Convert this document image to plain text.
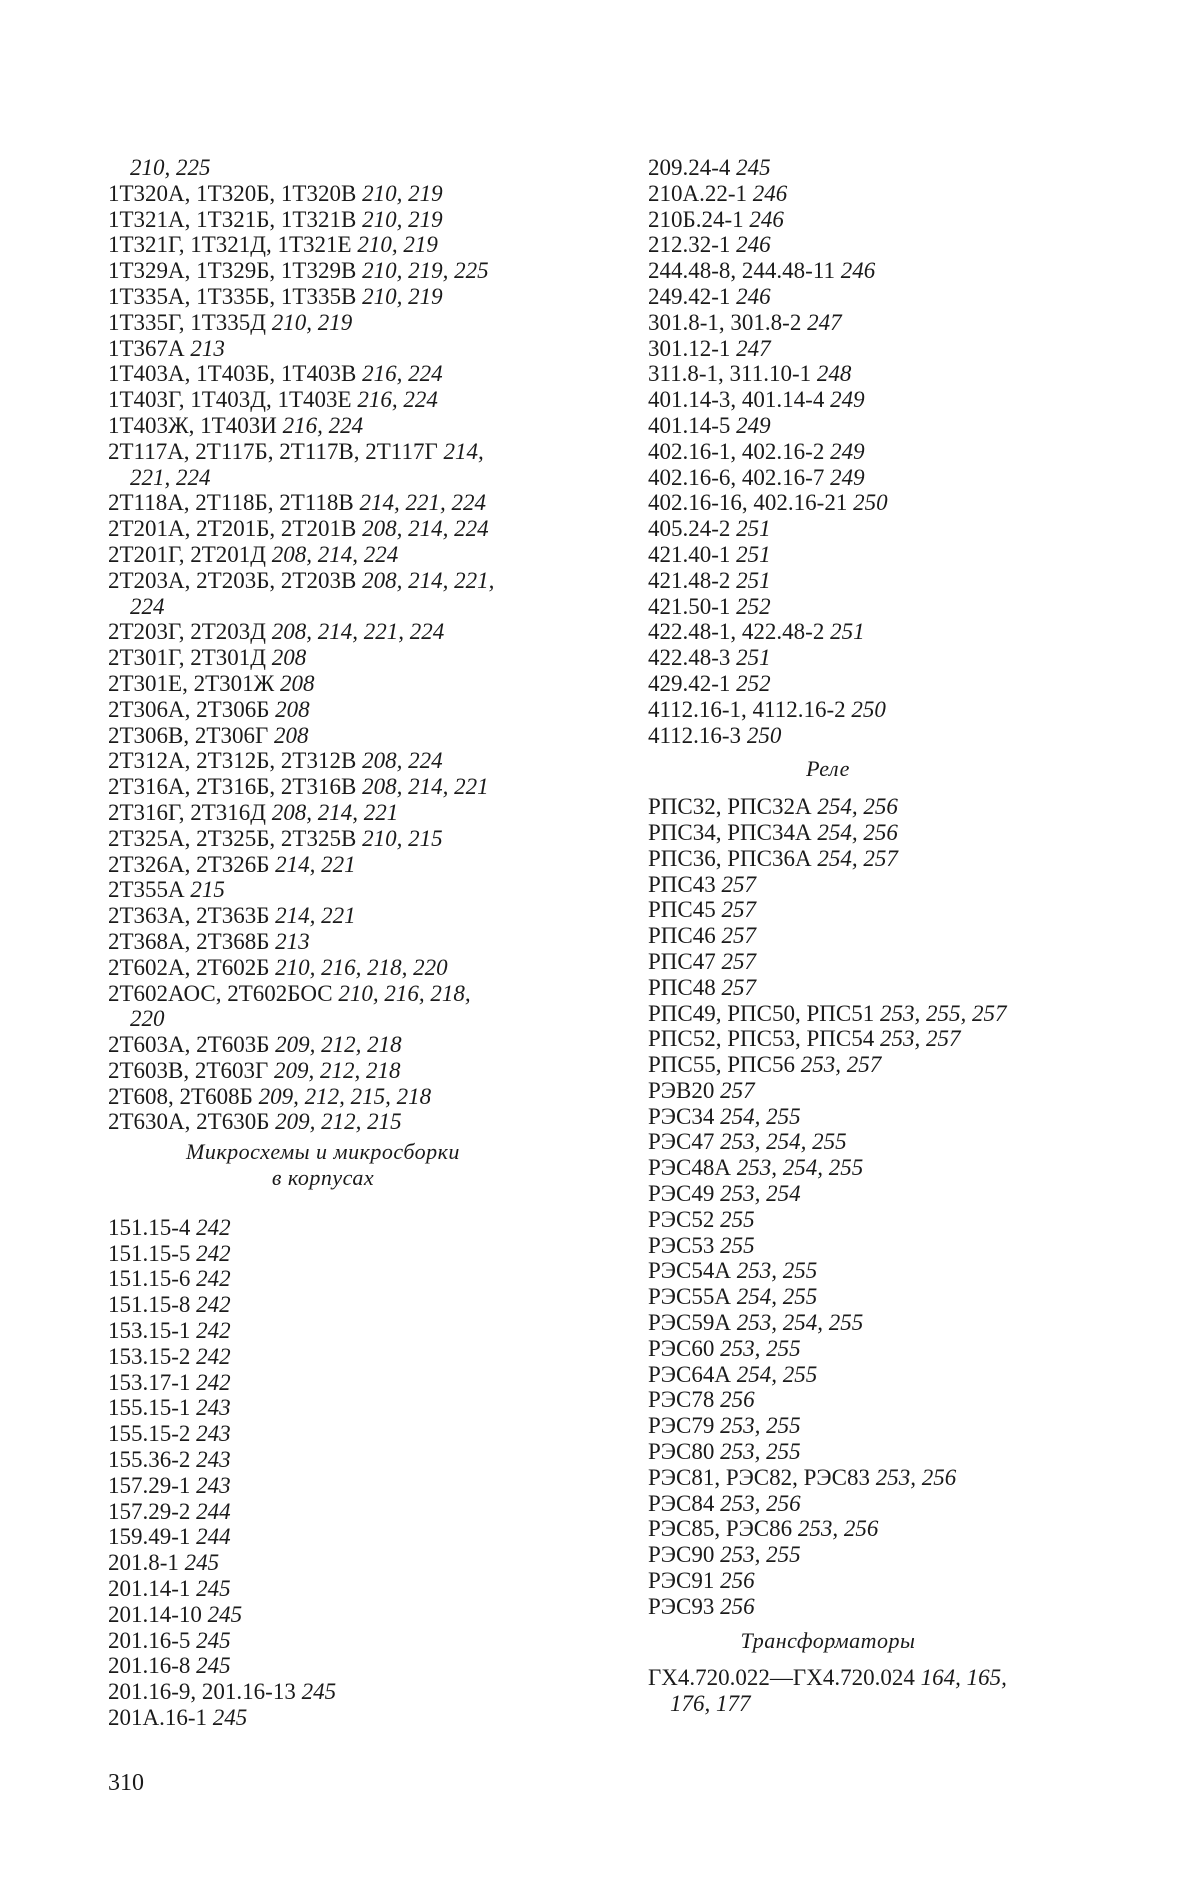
210, 225
1Т320А, 1Т320Б, 1Т320В 210, 219
1Т321А, 1Т321Б, 1Т321В 210, 219
1Т321Г, 1Т321Д, 1Т321Е 210, 219
1Т329А, 1Т329Б, 1Т329В 210, 219, 225
1Т335А, 1Т335Б, 1Т335В 210, 219
1Т335Г, 1Т335Д 210, 219
1Т367А 213
1Т403А, 1Т403Б, 1Т403В 216, 224
1Т403Г, 1Т403Д, 1Т403Е 216, 224
1Т403Ж, 1Т403И 216, 224
2Т117А, 2Т117Б, 2Т117В, 2Т117Г 214,
221, 224
2Т118А, 2Т118Б, 2Т118В 214, 221, 224
2Т201А, 2Т201Б, 2Т201В 208, 214, 224
2Т201Г, 2Т201Д 208, 214, 224
2Т203А, 2Т203Б, 2Т203В 208, 214, 221,
224
2Т203Г, 2Т203Д 208, 214, 221, 224
2Т301Г, 2Т301Д 208
2Т301Е, 2Т301Ж 208
2Т306А, 2Т306Б 208
2Т306В, 2Т306Г 208
2Т312А, 2Т312Б, 2Т312В 208, 224
2Т316А, 2Т316Б, 2Т316В 208, 214, 221
2Т316Г, 2Т316Д 208, 214, 221
2Т325А, 2Т325Б, 2Т325В 210, 215
2Т326А, 2Т326Б 214, 221
2Т355А 215
2Т363А, 2Т363Б 214, 221
2Т368А, 2Т368Б 213
2Т602А, 2Т602Б 210, 216, 218, 220
2Т602АОС, 2Т602БОС 210, 216, 218,
220
2Т603А, 2Т603Б 209, 212, 218
2Т603В, 2Т603Г 209, 212, 218
2Т608, 2Т608Б 209, 212, 215, 218
2Т630А, 2Т630Б 209, 212, 215
Микросхемы и микросборки
в корпусах
151.15-4 242
151.15-5 242
151.15-6 242
151.15-8 242
153.15-1 242
153.15-2 242
153.17-1 242
155.15-1 243
155.15-2 243
155.36-2 243
157.29-1 243
157.29-2 244
159.49-1 244
201.8-1 245
201.14-1 245
201.14-10 245
201.16-5 245
201.16-8 245
201.16-9, 201.16-13 245
201А.16-1 245
209.24-4 245
210А.22-1 246
210Б.24-1 246
212.32-1 246
244.48-8, 244.48-11 246
249.42-1 246
301.8-1, 301.8-2 247
301.12-1 247
311.8-1, 311.10-1 248
401.14-3, 401.14-4 249
401.14-5 249
402.16-1, 402.16-2 249
402.16-6, 402.16-7 249
402.16-16, 402.16-21 250
405.24-2 251
421.40-1 251
421.48-2 251
421.50-1 252
422.48-1, 422.48-2 251
422.48-3 251
429.42-1 252
4112.16-1, 4112.16-2 250
4112.16-3 250
Реле
РПС32, РПС32А 254, 256
РПС34, РПС34А 254, 256
РПС36, РПС36А 254, 257
РПС43 257
РПС45 257
РПС46 257
РПС47 257
РПС48 257
РПС49, РПС50, РПС51 253, 255, 257
РПС52, РПС53, РПС54 253, 257
РПС55, РПС56 253, 257
РЭВ20 257
РЭС34 254, 255
РЭС47 253, 254, 255
РЭС48А 253, 254, 255
РЭС49 253, 254
РЭС52 255
РЭС53 255
РЭС54А 253, 255
РЭС55А 254, 255
РЭС59А 253, 254, 255
РЭС60 253, 255
РЭС64А 254, 255
РЭС78 256
РЭС79 253, 255
РЭС80 253, 255
РЭС81, РЭС82, РЭС83 253, 256
РЭС84 253, 256
РЭС85, РЭС86 253, 256
РЭС90 253, 255
РЭС91 256
РЭС93 256
Трансформаторы
ГХ4.720.022—ГХ4.720.024 164, 165,
176, 177
310
